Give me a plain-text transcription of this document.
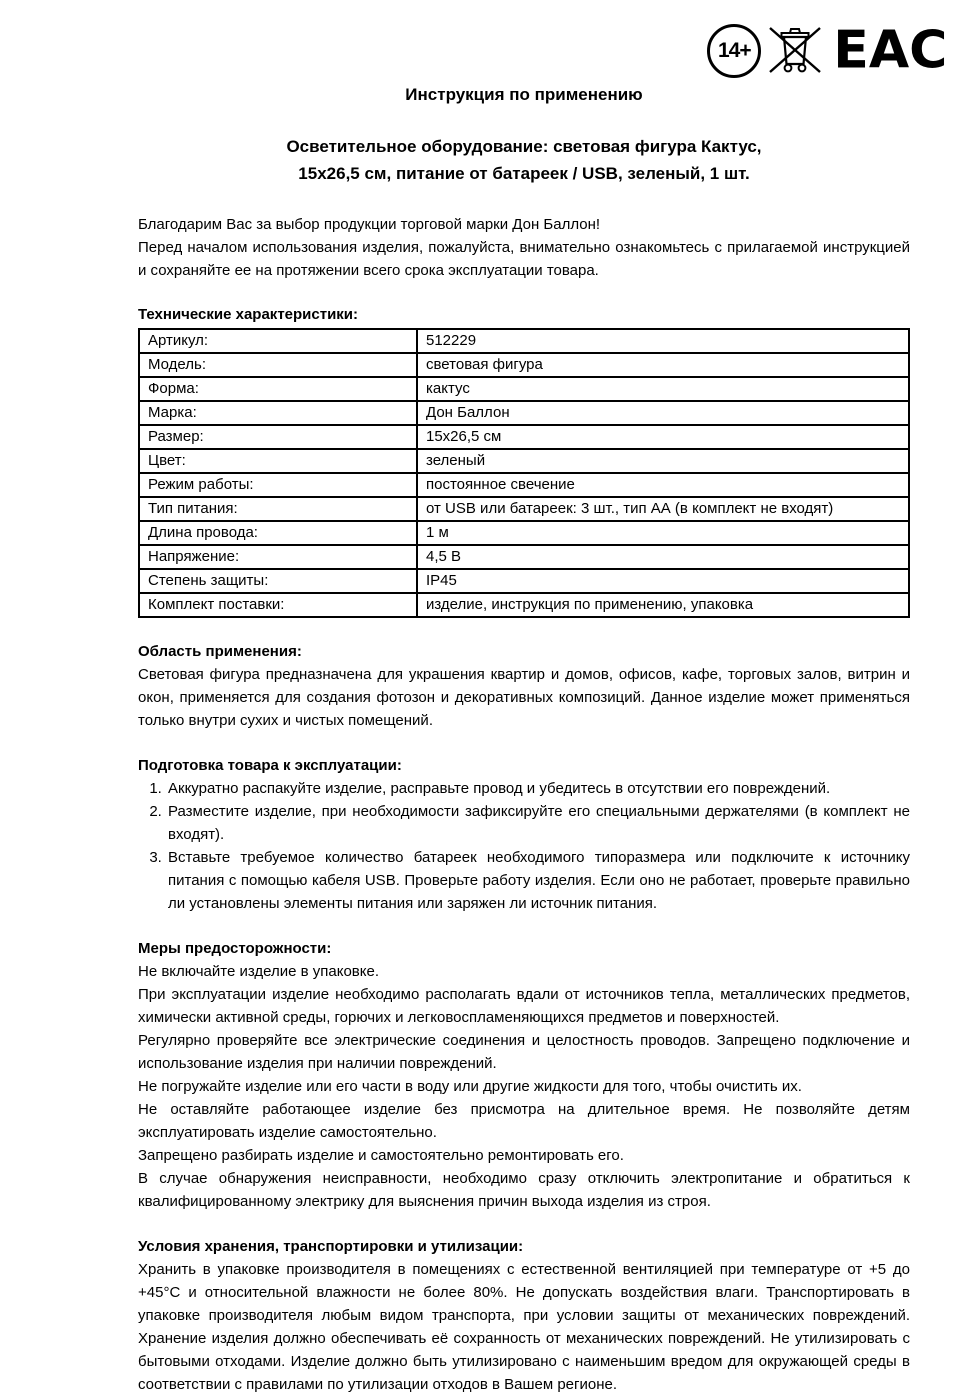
14+ EAC
Инструкция по применению
Осветительное оборудование: световая фигура Кактус,
15х26,5 см, питание от батареек / USB, зеленый, 1 шт.

Благодарим Вас за выбор продукции торговой марки Дон Баллон!

Перед началом использования изделия, пожалуйста, внимательно ознакомьтесь с прилагаемой инструкцией и сохраняйте ее на протяжении всего срока эксплуатации товара.

Технические характеристики:

Артикул:	512229
Модель:	световая фигура
Форма:	кактус
Марка:	Дон Баллон
Размер:	15х26,5 см
Цвет:	зеленый
Режим работы:	постоянное свечение
Тип питания:	от USB или батареек: 3 шт., тип АА (в комплект не входят)
Длина провода:	1 м
Напряжение:	4,5 В
Степень защиты:	IP45
Комплект поставки:	изделие, инструкция по применению, упаковка

Область применения:

Световая фигура предназначена для украшения квартир и домов, офисов, кафе, торговых залов, витрин и окон, применяется для создания фотозон и декоративных композиций. Данное изделие может применяться только внутри сухих и чистых помещений.

Подготовка товара к эксплуатации:

1. Аккуратно распакуйте изделие, расправьте провод и убедитесь в отсутствии его повреждений.
2. Разместите изделие, при необходимости зафиксируйте его специальными держателями (в комплект не входят).
3. Вставьте требуемое количество батареек необходимого типоразмера или подключите к источнику питания с помощью кабеля USB. Проверьте работу изделия. Если оно не работает, проверьте правильно ли установлены элементы питания или заряжен ли источник питания.

Меры предосторожности:

Не включайте изделие в упаковке.

При эксплуатации изделие необходимо располагать вдали от источников тепла, металлических предметов, химически активной среды, горючих и легковоспламеняющихся предметов и поверхностей.

Регулярно проверяйте все электрические соединения и целостность проводов. Запрещено подключение и использование изделия при наличии повреждений.

Не погружайте изделие или его части в воду или другие жидкости для того, чтобы очистить их.

Не оставляйте работающее изделие без присмотра на длительное время. Не позволяйте детям эксплуатировать изделие самостоятельно.

Запрещено разбирать изделие и самостоятельно ремонтировать его.

В случае обнаружения неисправности, необходимо сразу отключить электропитание и обратиться к квалифицированному электрику для выяснения причин выхода изделия из строя.

Условия хранения, транспортировки и утилизации:

Хранить в упаковке производителя в помещениях с естественной вентиляцией при температуре от +5 до +45°С и относительной влажности не более 80%. Не допускать воздействия влаги. Транспортировать в упаковке производителя любым видом транспорта, при условии защиты от механических повреждений. Хранение изделия должно обеспечивать её сохранность от механических повреждений. Не утилизировать с бытовыми отходами. Изделие должно быть утилизировано с наименьшим вредом для окружающей среды в соответствии с правилами по утилизации отходов в Вашем регионе.
